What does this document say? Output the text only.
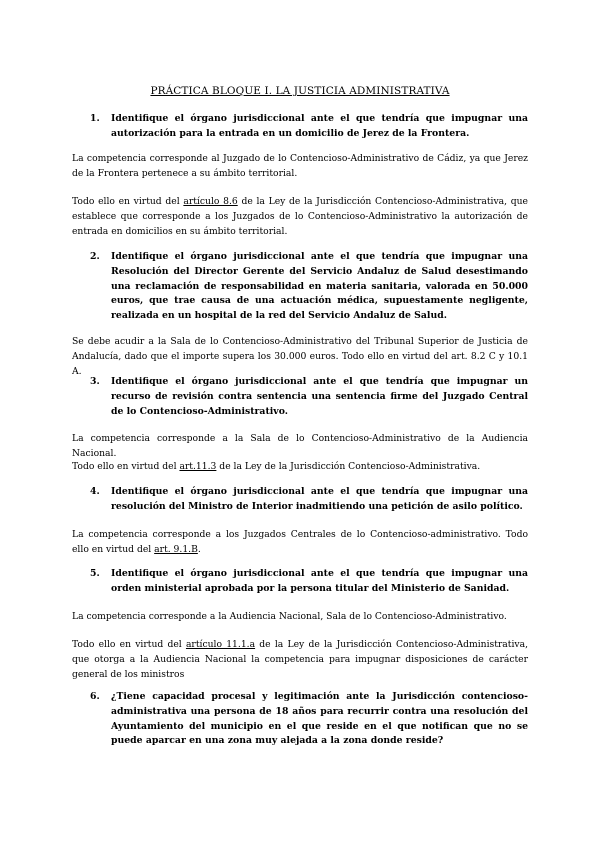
PRÁCTICA BLOQUE I. LA JUSTICIA ADMINISTRATIVA
1. Identifique el órgano jurisdiccional ante el que tendría que impugnar una autorización para la entrada en un domicilio de Jerez de la Frontera.
La competencia corresponde al Juzgado de lo Contencioso-Administrativo de Cádiz, ya que Jerez de la Frontera pertenece a su ámbito territorial.
Todo ello en virtud del artículo 8.6 de la Ley de la Jurisdicción Contencioso-Administrativa, que establece que corresponde a los Juzgados de lo Contencioso-Administrativo la autorización de entrada en domicilios en su ámbito territorial.
2. Identifique el órgano jurisdiccional ante el que tendría que impugnar una Resolución del Director Gerente del Servicio Andaluz de Salud desestimando una reclamación de responsabilidad en materia sanitaria, valorada en 50.000 euros, que trae causa de una actuación médica, supuestamente negligente, realizada en un hospital de la red del Servicio Andaluz de Salud.
Se debe acudir a la Sala de lo Contencioso-Administrativo del Tribunal Superior de Justicia de Andalucía, dado que el importe supera los 30.000 euros. Todo ello en virtud del art. 8.2 C y 10.1 A.
3. Identifique el órgano jurisdiccional ante el que tendría que impugnar un recurso de revisión contra sentencia una sentencia firme del Juzgado Central de lo Contencioso-Administrativo.
La competencia corresponde a la Sala de lo Contencioso-Administrativo de la Audiencia Nacional.
Todo ello en virtud del art.11.3 de la Ley de la Jurisdicción Contencioso-Administrativa.
4. Identifique el órgano jurisdiccional ante el que tendría que impugnar una resolución del Ministro de Interior inadmitiendo una petición de asilo político.
La competencia corresponde a los Juzgados Centrales de lo Contencioso-administrativo. Todo ello en virtud del art. 9.1.B.
5. Identifique el órgano jurisdiccional ante el que tendría que impugnar una orden ministerial aprobada por la persona titular del Ministerio de Sanidad.
La competencia corresponde a la Audiencia Nacional, Sala de lo Contencioso-Administrativo.
Todo ello en virtud del artículo 11.1.a de la Ley de la Jurisdicción Contencioso-Administrativa, que otorga a la Audiencia Nacional la competencia para impugnar disposiciones de carácter general de los ministros
6. ¿Tiene capacidad procesal y legitimación ante la Jurisdicción contencioso-administrativa una persona de 18 años para recurrir contra una resolución del Ayuntamiento del municipio en el que reside en el que notifican que no se puede aparcar en una zona muy alejada a la zona donde reside?
